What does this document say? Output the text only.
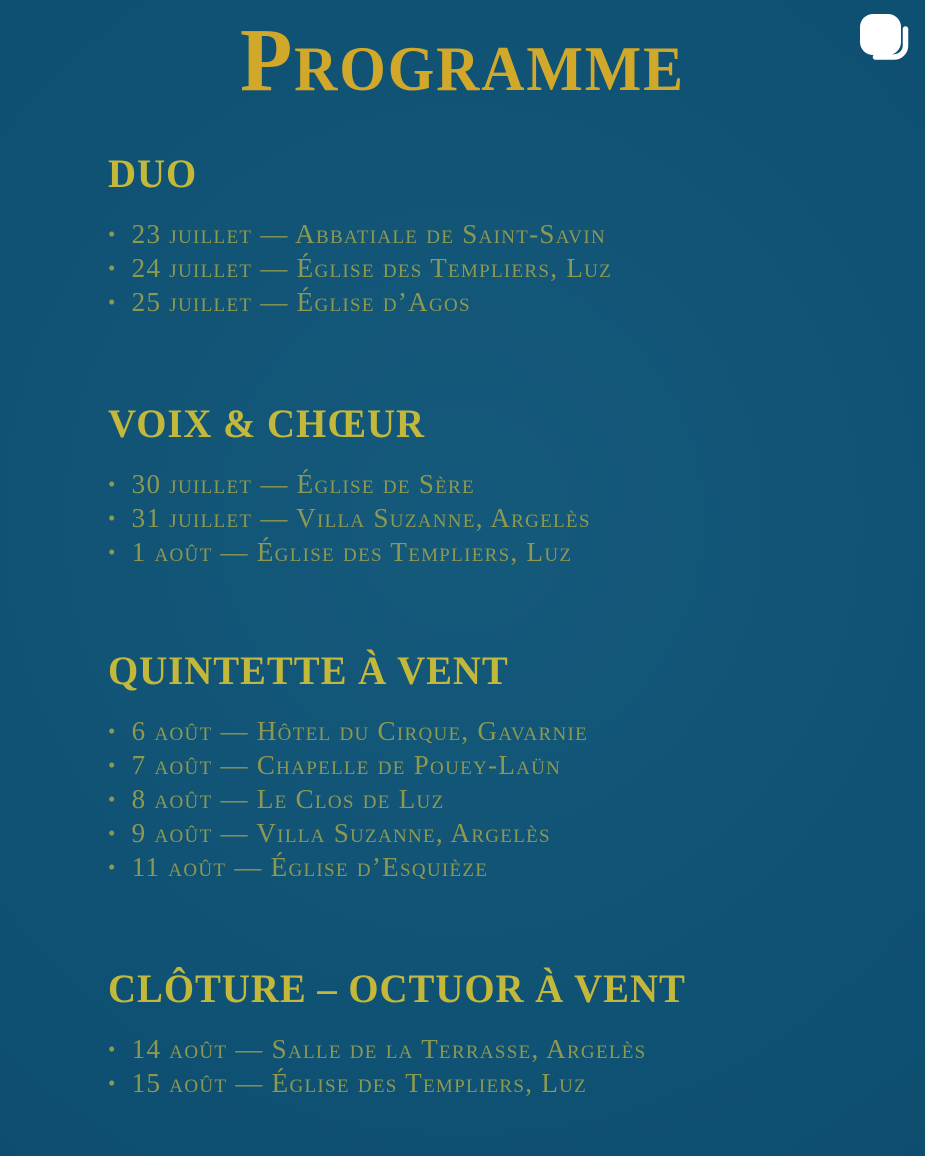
Programme
DUO
• 23 juillet — Abbatiale de Saint-Savin
• 24 juillet — Église des Templiers, Luz
• 25 juillet — Église d’Agos
VOIX & CHŒUR
• 30 juillet — Église de Sère
• 31 juillet — Villa Suzanne, Argelès
• 1 août — Église des Templiers, Luz
QUINTETTE À VENT
• 6 août — Hôtel du Cirque, Gavarnie
• 7 août — Chapelle de Pouey-Laün
• 8 août — Le Clos de Luz
• 9 août — Villa Suzanne, Argelès
• 11 août — Église d’Esquièze
CLÔTURE – OCTUOR À VENT
• 14 août — Salle de la Terrasse, Argelès
• 15 août — Église des Templiers, Luz
